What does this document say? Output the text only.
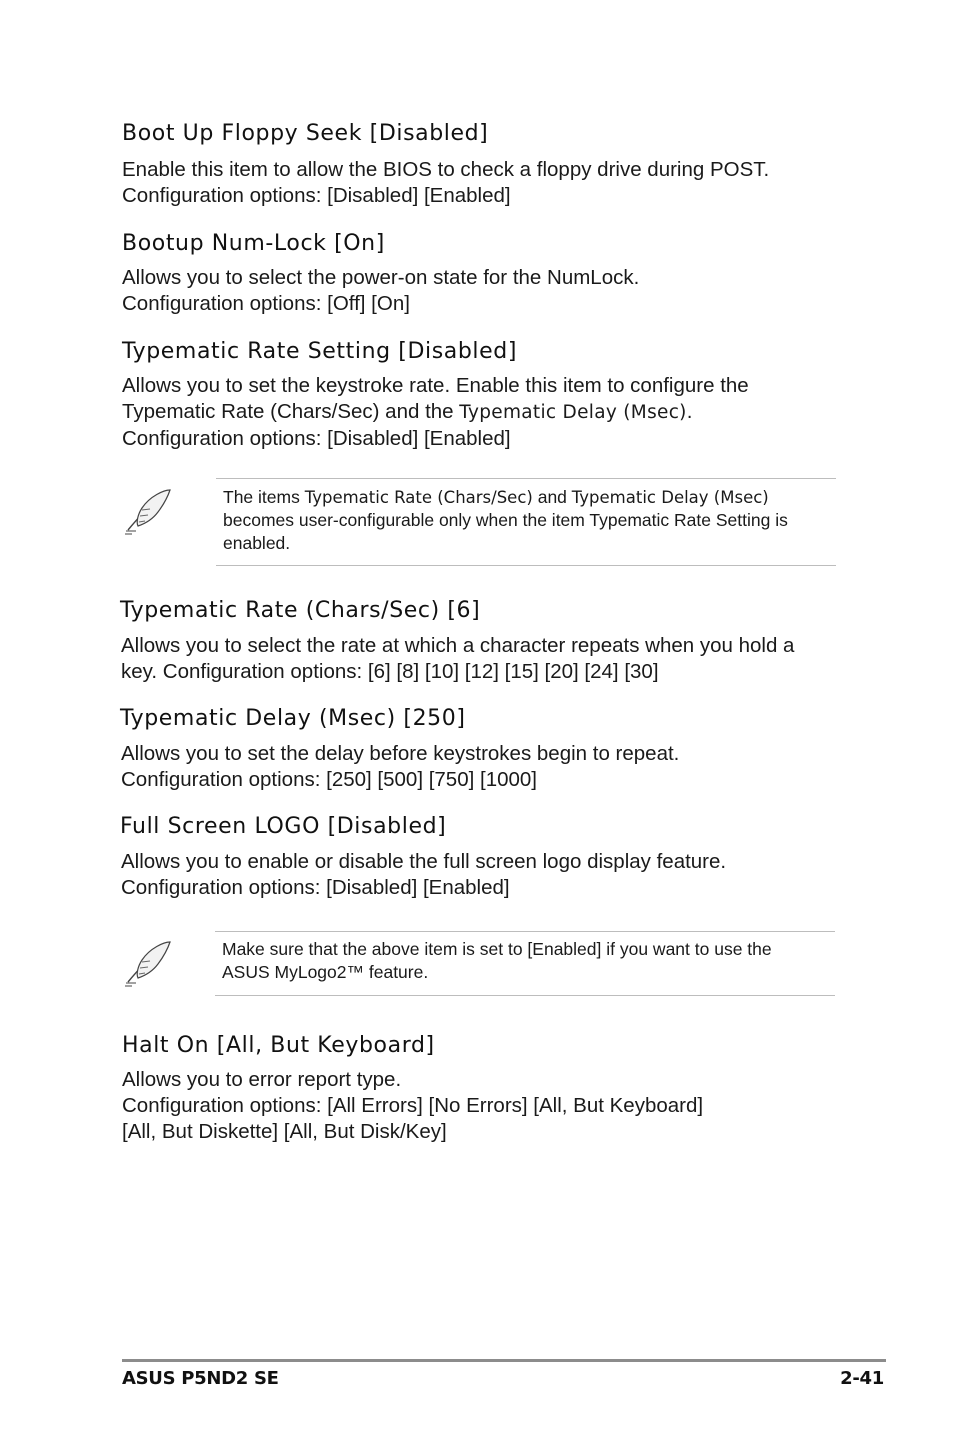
Boot Up Floppy Seek [Disabled]
Enable this item to allow the BIOS to check a floppy drive during POST.
Configuration options: [Disabled] [Enabled]
Bootup Num-Lock [On]
Allows you to select the power-on state for the NumLock.
Configuration options: [Off] [On]
Typematic Rate Setting [Disabled]
Allows you to set the keystroke rate. Enable this item to configure the
Typematic Rate (Chars/Sec) and the Typematic Delay (Msec).
Configuration options: [Disabled] [Enabled]
The items Typematic Rate (Chars/Sec) and Typematic Delay (Msec)
becomes user-configurable only when the item Typematic Rate Setting is
enabled.
Typematic Rate (Chars/Sec) [6]
Allows you to select the rate at which a character repeats when you hold a
key. Configuration options: [6] [8] [10] [12] [15] [20] [24] [30]
Typematic Delay (Msec) [250]
Allows you to set the delay before keystrokes begin to repeat.
Configuration options: [250] [500] [750] [1000]
Full Screen LOGO [Disabled]
Allows you to enable or disable the full screen logo display feature.
Configuration options: [Disabled] [Enabled]
Make sure that the above item is set to [Enabled] if you want to use the
ASUS MyLogo2™ feature.
Halt On [All, But Keyboard]
Allows you to error report type.
Configuration options: [All Errors] [No Errors] [All, But Keyboard]
[All, But Diskette] [All, But Disk/Key]
ASUS P5ND2 SE	2-41
